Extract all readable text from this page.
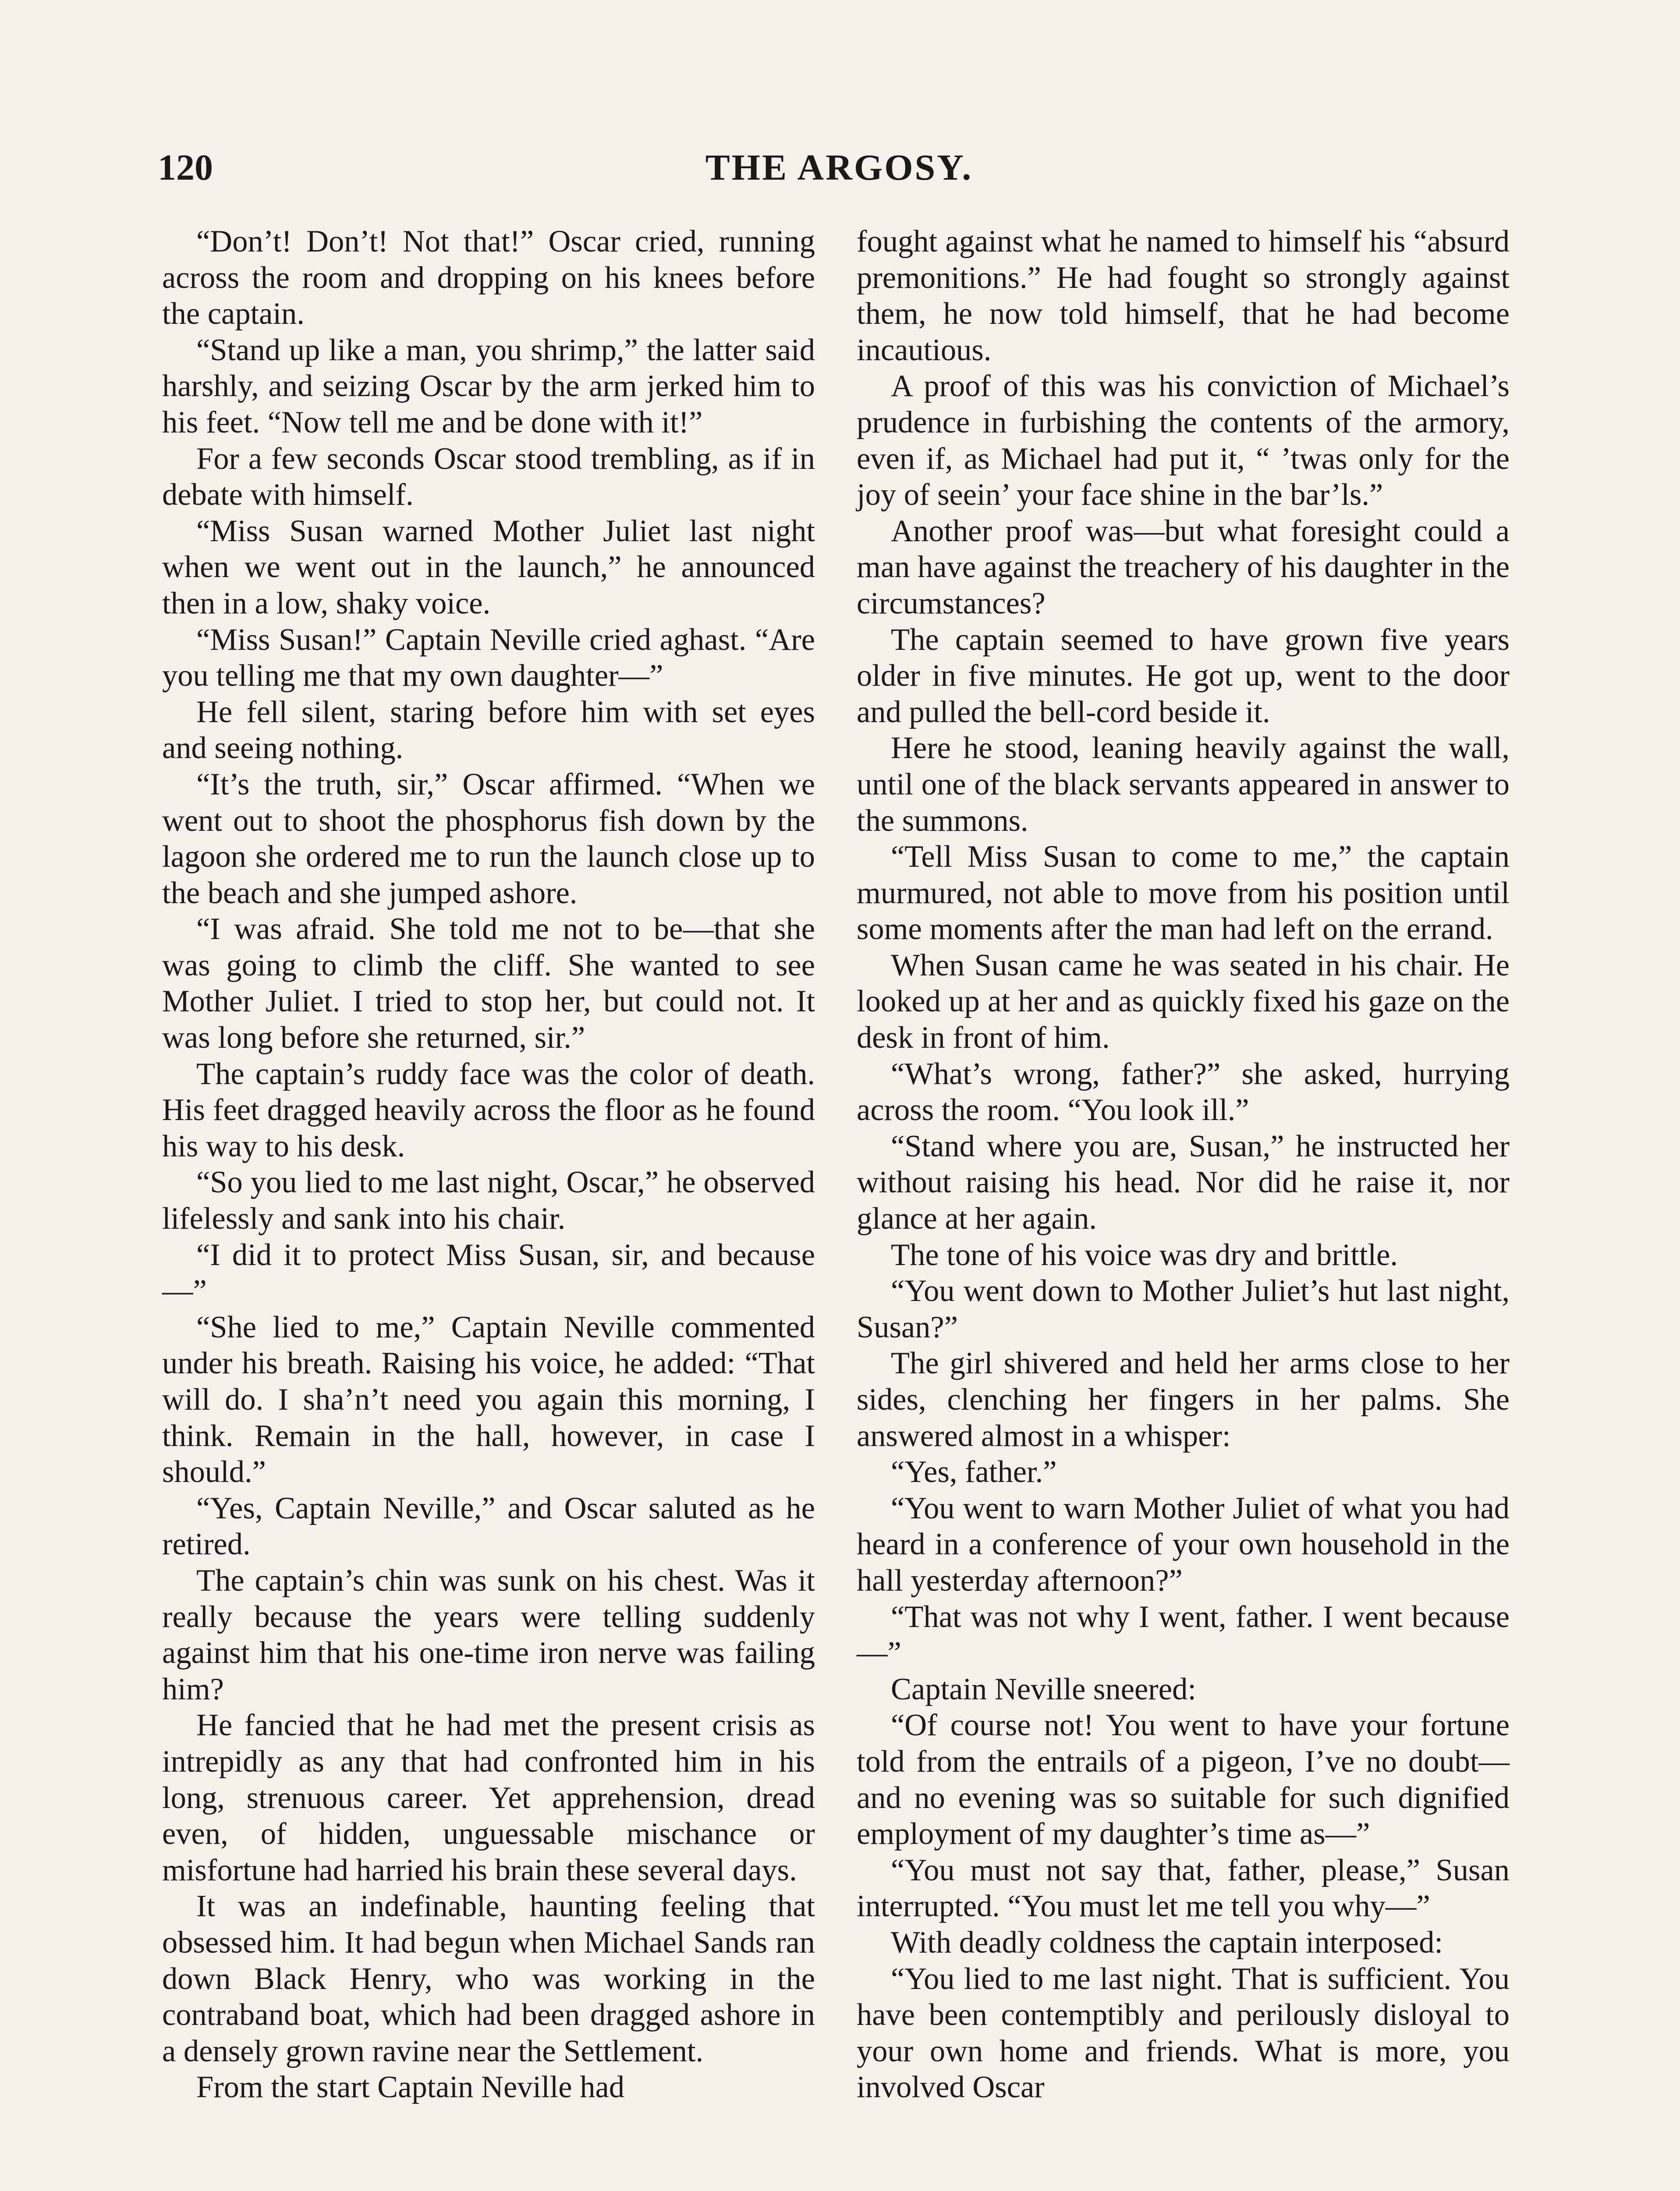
120	THE ARGOSY.

“Don’t! Don’t! Not that!” Oscar cried, running across the room and dropping on his knees before the captain.

“Stand up like a man, you shrimp,” the latter said harshly, and seizing Oscar by the arm jerked him to his feet. “Now tell me and be done with it!”

For a few seconds Oscar stood trembling, as if in debate with himself.

“Miss Susan warned Mother Juliet last night when we went out in the launch,” he announced then in a low, shaky voice.

“Miss Susan!” Captain Neville cried aghast. “Are you telling me that my own daughter—”

He fell silent, staring before him with set eyes and seeing nothing.

“It’s the truth, sir,” Oscar affirmed. “When we went out to shoot the phosphorus fish down by the lagoon she ordered me to run the launch close up to the beach and she jumped ashore.

“I was afraid. She told me not to be—that she was going to climb the cliff. She wanted to see Mother Juliet. I tried to stop her, but could not. It was long before she returned, sir.”

The captain’s ruddy face was the color of death. His feet dragged heavily across the floor as he found his way to his desk.

“So you lied to me last night, Oscar,” he observed lifelessly and sank into his chair.

“I did it to protect Miss Susan, sir, and because—”

“She lied to me,” Captain Neville commented under his breath. Raising his voice, he added: “That will do. I sha’n’t need you again this morning, I think. Remain in the hall, however, in case I should.”

“Yes, Captain Neville,” and Oscar saluted as he retired.

The captain’s chin was sunk on his chest. Was it really because the years were telling suddenly against him that his one-time iron nerve was failing him?

He fancied that he had met the present crisis as intrepidly as any that had confronted him in his long, strenuous career. Yet apprehension, dread even, of hidden, unguessable mischance or misfortune had harried his brain these several days.

It was an indefinable, haunting feeling that obsessed him. It had begun when Michael Sands ran down Black Henry, who was working in the contraband boat, which had been dragged ashore in a densely grown ravine near the Settlement.

From the start Captain Neville had

fought against what he named to himself his “absurd premonitions.” He had fought so strongly against them, he now told himself, that he had become incautious.

A proof of this was his conviction of Michael’s prudence in furbishing the contents of the armory, even if, as Michael had put it, “ ’twas only for the joy of seein’ your face shine in the bar’ls.”

Another proof was—but what foresight could a man have against the treachery of his daughter in the circumstances?

The captain seemed to have grown five years older in five minutes. He got up, went to the door and pulled the bell-cord beside it.

Here he stood, leaning heavily against the wall, until one of the black servants appeared in answer to the summons.

“Tell Miss Susan to come to me,” the captain murmured, not able to move from his position until some moments after the man had left on the errand.

When Susan came he was seated in his chair. He looked up at her and as quickly fixed his gaze on the desk in front of him.

“What’s wrong, father?” she asked, hurrying across the room. “You look ill.”

“Stand where you are, Susan,” he instructed her without raising his head. Nor did he raise it, nor glance at her again.

The tone of his voice was dry and brittle.

“You went down to Mother Juliet’s hut last night, Susan?”

The girl shivered and held her arms close to her sides, clenching her fingers in her palms. She answered almost in a whisper:

“Yes, father.”

“You went to warn Mother Juliet of what you had heard in a conference of your own household in the hall yesterday afternoon?”

“That was not why I went, father. I went because—”

Captain Neville sneered:

“Of course not! You went to have your fortune told from the entrails of a pigeon, I’ve no doubt—and no evening was so suitable for such dignified employment of my daughter’s time as—”

“You must not say that, father, please,” Susan interrupted. “You must let me tell you why—”

With deadly coldness the captain interposed:

“You lied to me last night. That is sufficient. You have been contemptibly and perilously disloyal to your own home and friends. What is more, you involved Oscar
